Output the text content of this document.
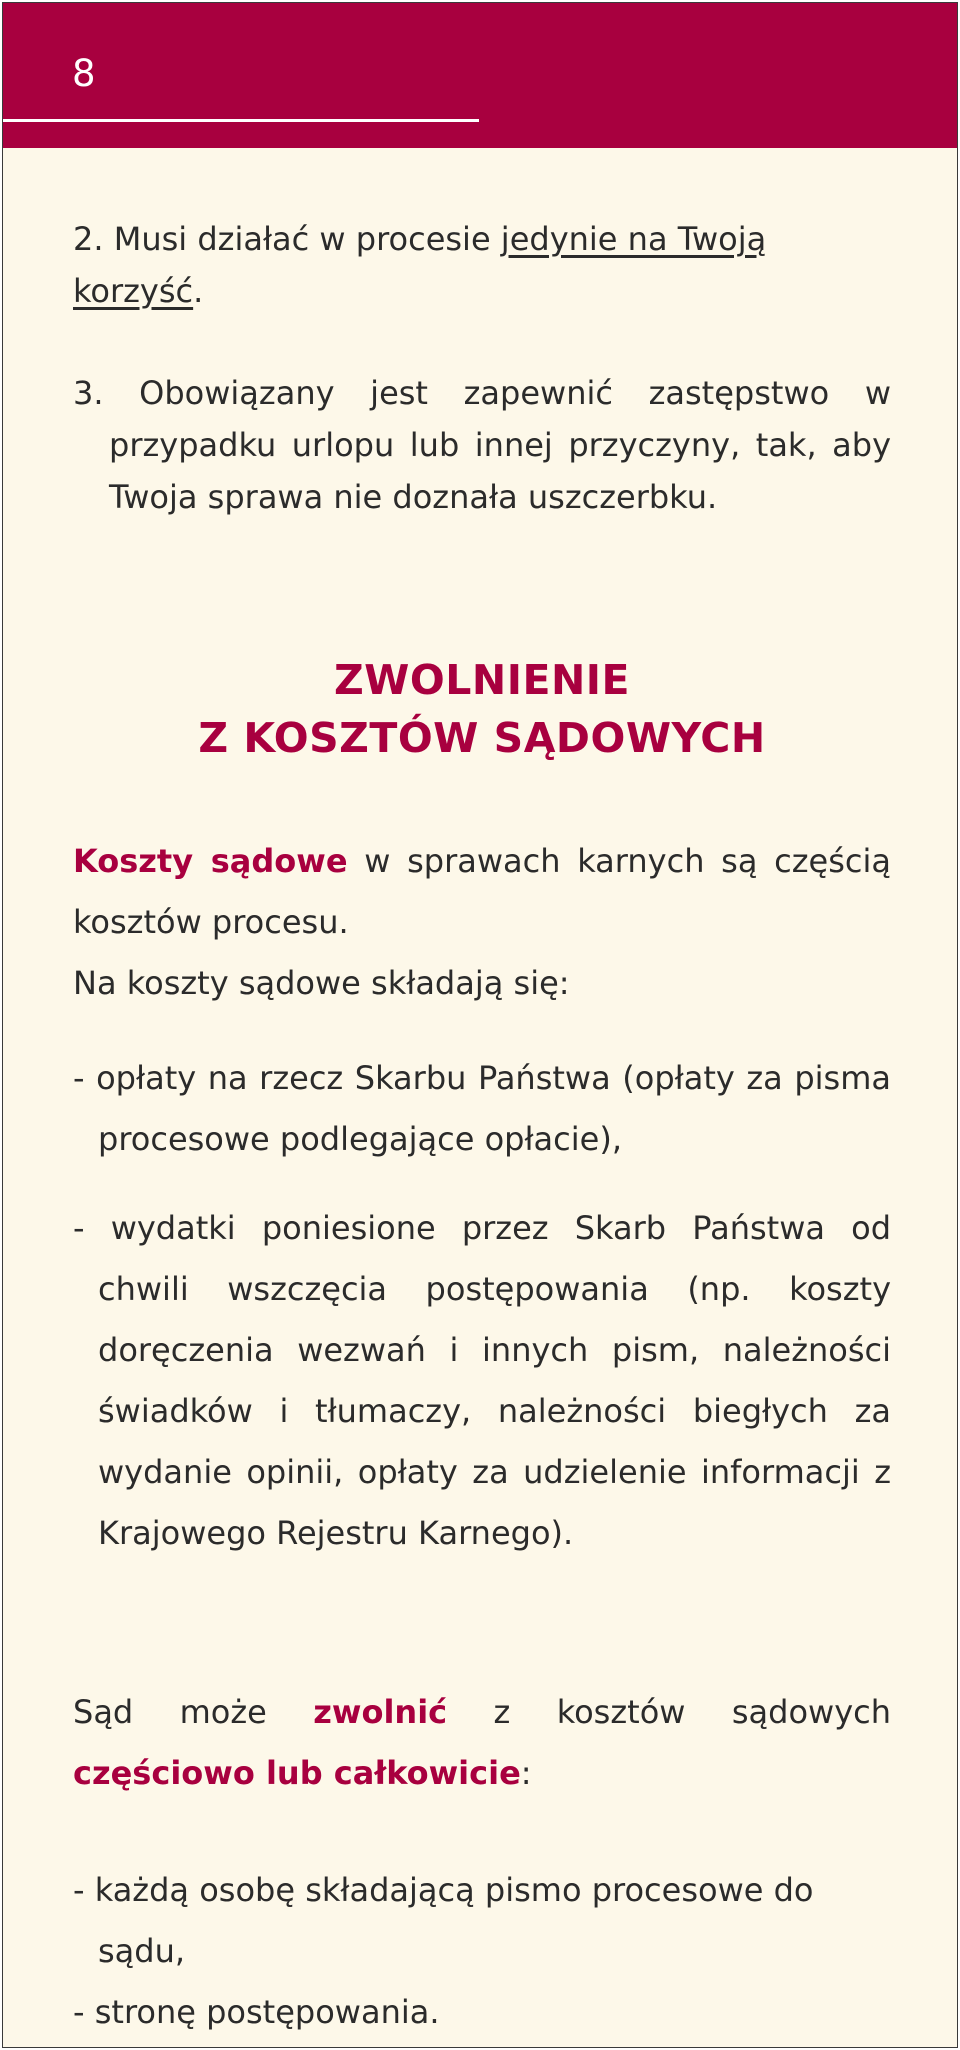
8

2. Musi działać w procesie jedynie na Twoją korzyść.

3. Obowiązany jest zapewnić zastępstwo w przypadku urlopu lub innej przyczyny, tak, aby Twoja sprawa nie doznała uszczerbku.

ZWOLNIENIE
Z KOSZTÓW SĄDOWYCH

Koszty sądowe w sprawach karnych są częścią kosztów procesu.

Na koszty sądowe składają się:

- opłaty na rzecz Skarbu Państwa (opłaty za pisma procesowe podlegające opłacie),

- wydatki poniesione przez Skarb Państwa od chwili wszczęcia postępowania (np. koszty doręczenia wezwań i innych pism, należności świadków i tłumaczy, należności biegłych za wydanie opinii, opłaty za udzielenie informacji z Krajowego Rejestru Karnego).

Sąd może zwolnić z kosztów sądowych częściowo lub całkowicie:

- każdą osobę składającą pismo procesowe do sądu,

- stronę postępowania.
